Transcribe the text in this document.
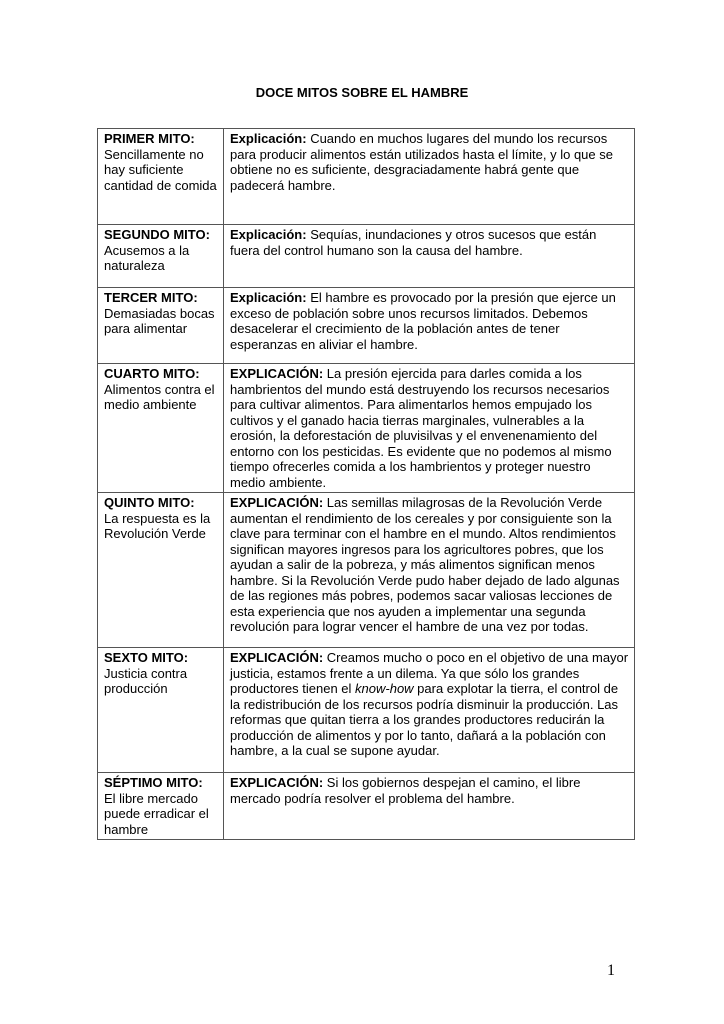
DOCE MITOS SOBRE EL HAMBRE
PRIMER MITO:
Sencillamente no hay suficiente cantidad de comida	Explicación: Cuando en muchos lugares del mundo los recursos para producir alimentos están utilizados hasta el límite, y lo que se obtiene no es suficiente, desgraciadamente habrá gente que padecerá hambre.

SEGUNDO MITO:
Acusemos a la naturaleza	Explicación: Sequías, inundaciones y otros sucesos que están fuera del control humano son la causa del hambre.

TERCER MITO:
Demasiadas bocas para alimentar	Explicación: El hambre es provocado por la presión que ejerce un exceso de población sobre unos recursos limitados. Debemos desacelerar el crecimiento de la población antes de tener esperanzas en aliviar el hambre.

CUARTO MITO:
Alimentos contra el medio ambiente	EXPLICACIÓN: La presión ejercida para darles comida a los hambrientos del mundo está destruyendo los recursos necesarios para cultivar alimentos. Para alimentarlos hemos empujado los cultivos y el ganado hacia tierras marginales, vulnerables a la erosión, la deforestación de pluvisilvas y el envenenamiento del entorno con los pesticidas. Es evidente que no podemos al mismo tiempo ofrecerles comida a los hambrientos y proteger nuestro medio ambiente.

QUINTO MITO:
La respuesta es la Revolución Verde	EXPLICACIÓN: Las semillas milagrosas de la Revolución Verde aumentan el rendimiento de los cereales y por consiguiente son la clave para terminar con el hambre en el mundo. Altos rendimientos significan mayores ingresos para los agricultores pobres, que los ayudan a salir de la pobreza, y más alimentos significan menos hambre. Si la Revolución Verde pudo haber dejado de lado algunas de las regiones más pobres, podemos sacar valiosas lecciones de esta experiencia que nos ayuden a implementar una segunda revolución para lograr vencer el hambre de una vez por todas.

SEXTO MITO:
Justicia contra producción	EXPLICACIÓN: Creamos mucho o poco en el objetivo de una mayor justicia, estamos frente a un dilema. Ya que sólo los grandes productores tienen el know-how para explotar la tierra, el control de la redistribución de los recursos podría disminuir la producción. Las reformas que quitan tierra a los grandes productores reducirán la producción de alimentos y por lo tanto, dañará a la población con hambre, a la cual se supone ayudar.

SÉPTIMO MITO:
El libre mercado puede erradicar el hambre	EXPLICACIÓN: Si los gobiernos despejan el camino, el libre mercado podría resolver el problema del hambre.
1
